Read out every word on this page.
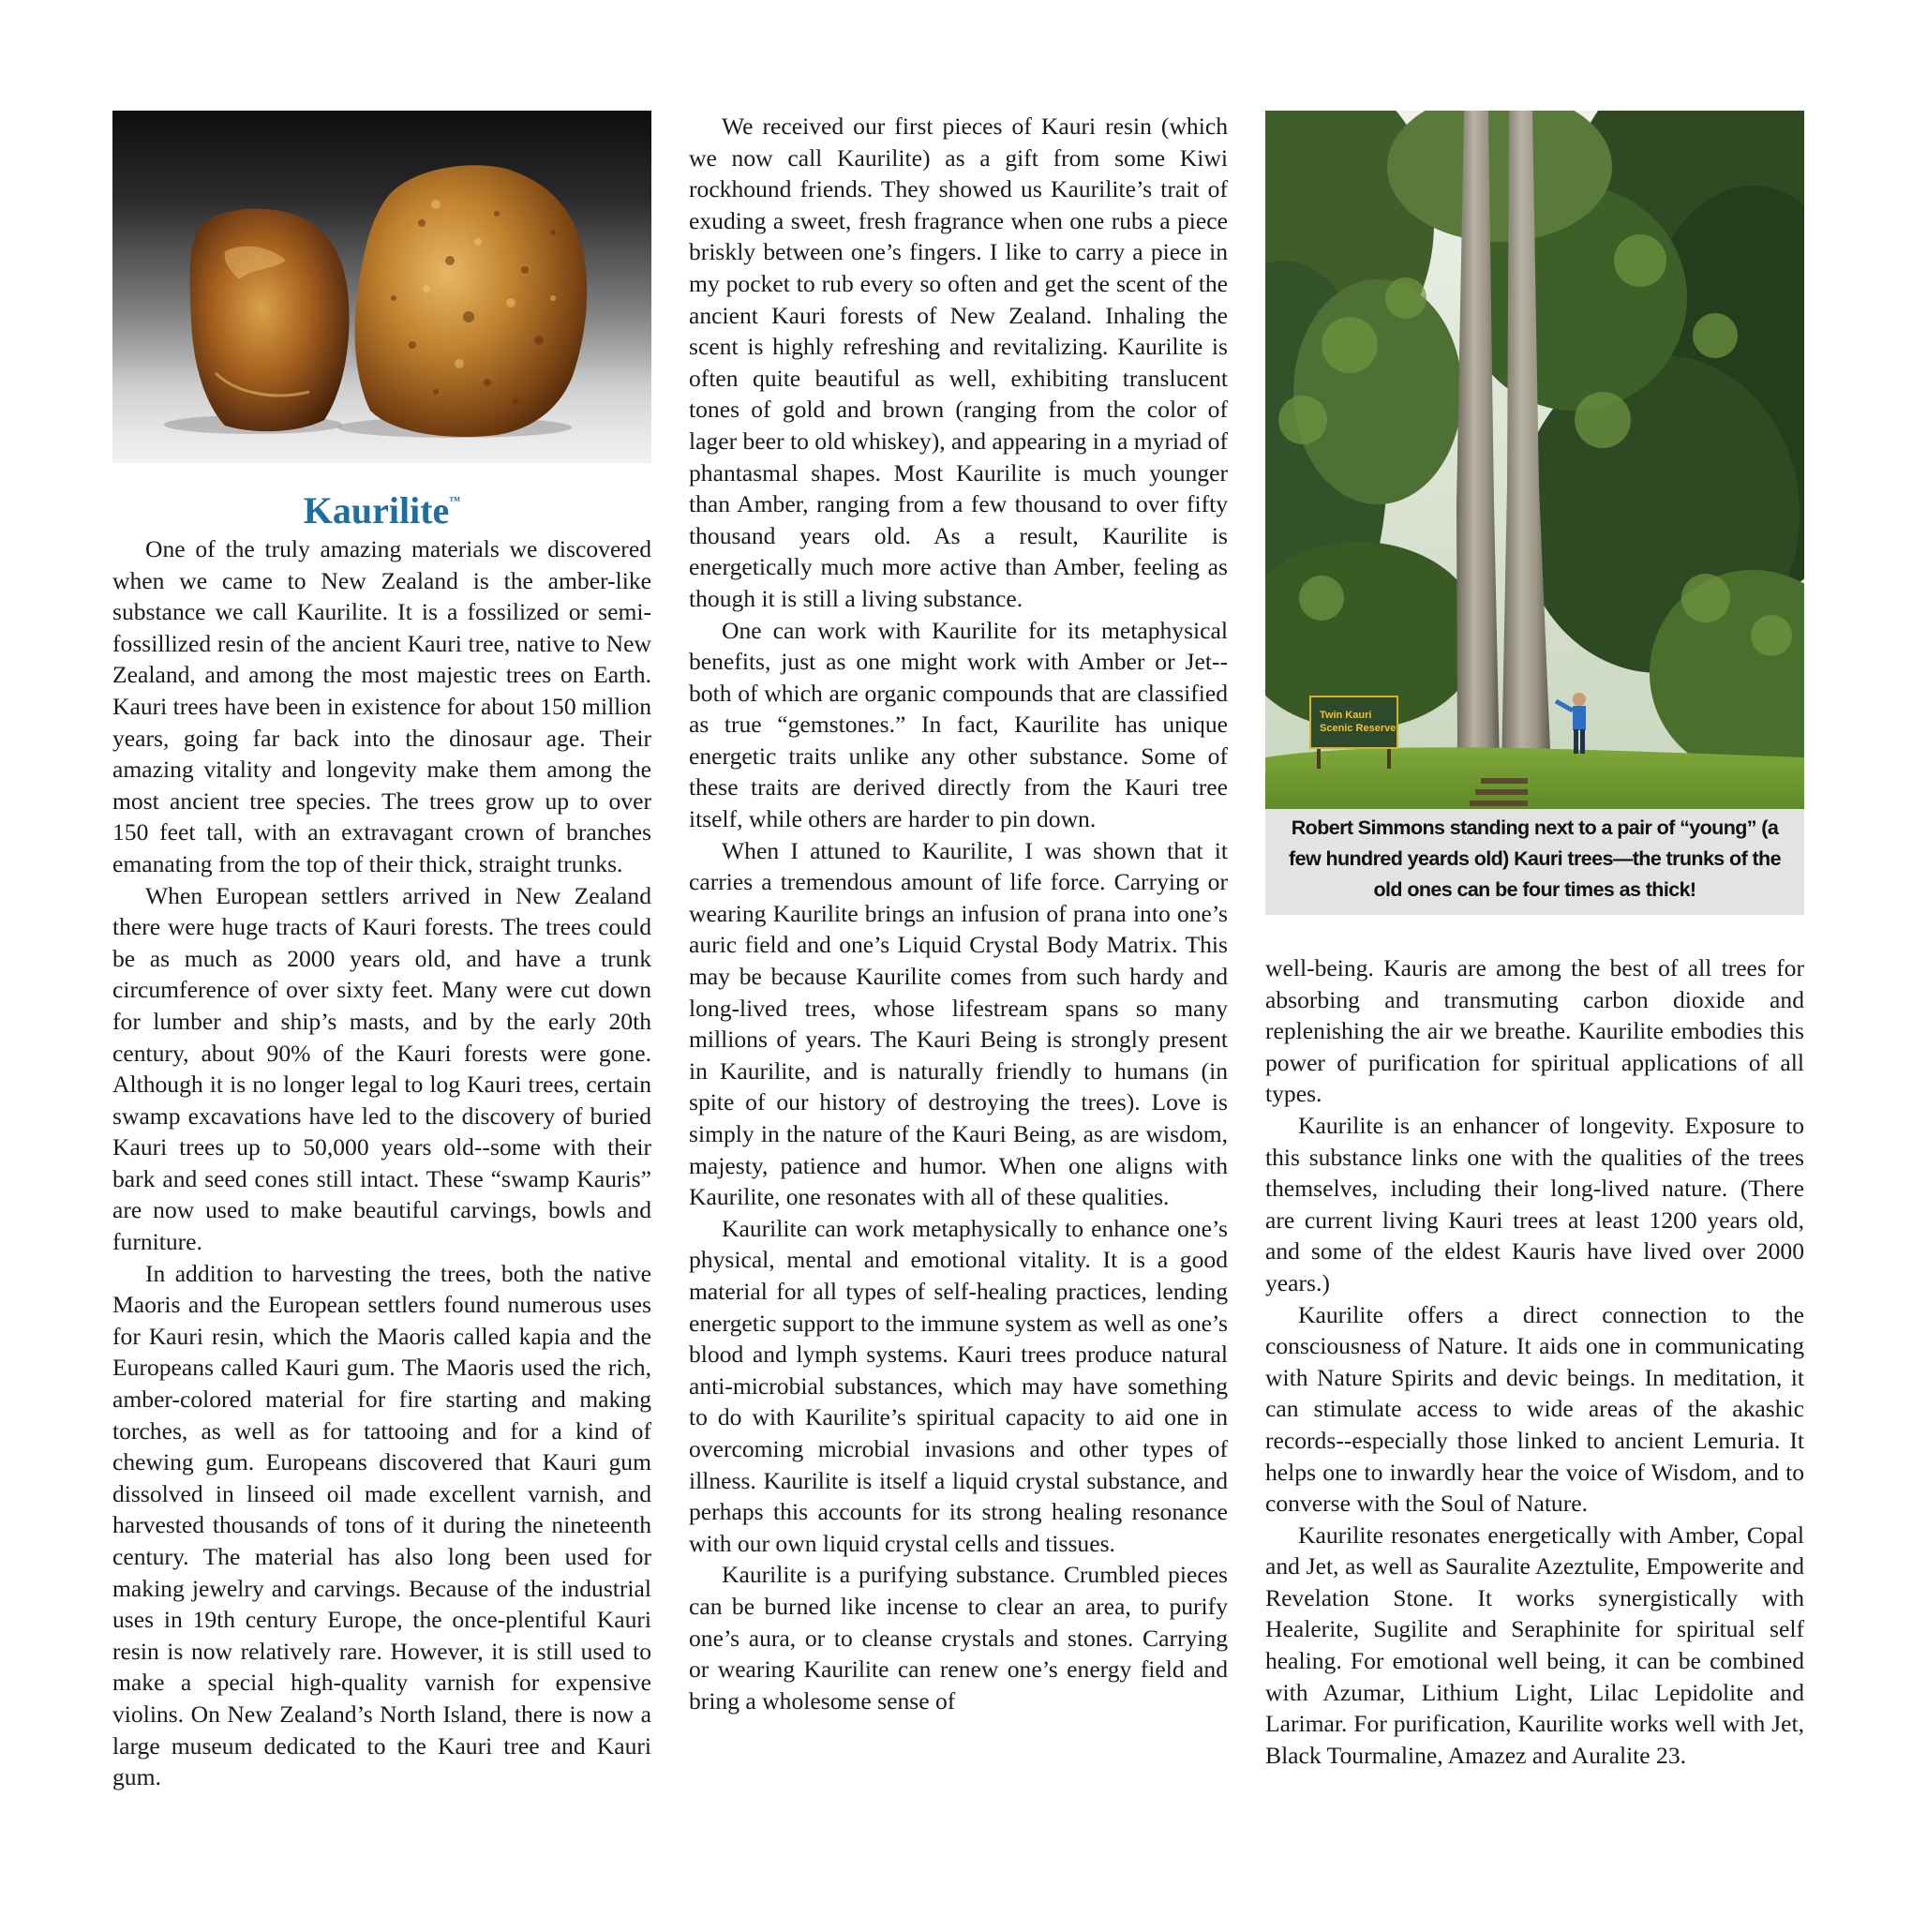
Kaurilite™

One of the truly amazing materials we discovered when we came to New Zealand is the amber-like substance we call Kaurilite. It is a fossilized or semi-fossillized resin of the ancient Kauri tree, native to New Zealand, and among the most majestic trees on Earth. Kauri trees have been in existence for about 150 million years, going far back into the dinosaur age. Their amazing vitality and longevity make them among the most ancient tree species. The trees grow up to over 150 feet tall, with an extravagant crown of branches emanating from the top of their thick, straight trunks.

When European settlers arrived in New Zealand there were huge tracts of Kauri forests. The trees could be as much as 2000 years old, and have a trunk circumference of over sixty feet. Many were cut down for lumber and ship’s masts, and by the early 20th century, about 90% of the Kauri forests were gone. Although it is no longer legal to log Kauri trees, certain swamp excavations have led to the discovery of buried Kauri trees up to 50,000 years old--some with their bark and seed cones still intact. These “swamp Kauris” are now used to make beautiful carvings, bowls and furniture.

In addition to harvesting the trees, both the native Maoris and the European settlers found numerous uses for Kauri resin, which the Maoris called kapia and the Europeans called Kauri gum. The Maoris used the rich, amber-colored material for fire starting and making torches, as well as for tattooing and for a kind of chewing gum. Europeans discovered that Kauri gum dissolved in linseed oil made excellent varnish, and harvested thousands of tons of it during the nineteenth century. The material has also long been used for making jewelry and carvings. Because of the industrial uses in 19th century Europe, the once-plentiful Kauri resin is now relatively rare. However, it is still used to make a special high-quality varnish for expensive violins. On New Zealand’s North Island, there is now a large museum dedicated to the Kauri tree and Kauri gum.

We received our first pieces of Kauri resin (which we now call Kaurilite) as a gift from some Kiwi rockhound friends. They showed us Kaurilite’s trait of exuding a sweet, fresh fragrance when one rubs a piece briskly between one’s fingers. I like to carry a piece in my pocket to rub every so often and get the scent of the ancient Kauri forests of New Zealand. Inhaling the scent is highly refreshing and revitalizing. Kaurilite is often quite beautiful as well, exhibiting translucent tones of gold and brown (ranging from the color of lager beer to old whiskey), and appearing in a myriad of phantasmal shapes. Most Kaurilite is much younger than Amber, ranging from a few thousand to over fifty thousand years old. As a result, Kaurilite is energetically much more active than Amber, feeling as though it is still a living substance.

One can work with Kaurilite for its metaphysical benefits, just as one might work with Amber or Jet--both of which are organic compounds that are classified as true “gemstones.” In fact, Kaurilite has unique energetic traits unlike any other substance. Some of these traits are derived directly from the Kauri tree itself, while others are harder to pin down.

When I attuned to Kaurilite, I was shown that it carries a tremendous amount of life force. Carrying or wearing Kaurilite brings an infusion of prana into one’s auric field and one’s Liquid Crystal Body Matrix. This may be because Kaurilite comes from such hardy and long-lived trees, whose lifestream spans so many millions of years. The Kauri Being is strongly present in Kaurilite, and is naturally friendly to humans (in spite of our history of destroying the trees). Love is simply in the nature of the Kauri Being, as are wisdom, majesty, patience and humor. When one aligns with Kaurilite, one resonates with all of these qualities.

Kaurilite can work metaphysically to enhance one’s physical, mental and emotional vitality. It is a good material for all types of self-healing practices, lending energetic support to the immune system as well as one’s blood and lymph systems. Kauri trees produce natural anti-microbial substances, which may have something to do with Kaurilite’s spiritual capacity to aid one in overcoming microbial invasions and other types of illness. Kaurilite is itself a liquid crystal substance, and perhaps this accounts for its strong healing resonance with our own liquid crystal cells and tissues.

Kaurilite is a purifying substance. Crumbled pieces can be burned like incense to clear an area, to purify one’s aura, or to cleanse crystals and stones. Carrying or wearing Kaurilite can renew one’s energy field and bring a wholesome sense of

Twin Kauri
Scenic Reserve
Robert Simmons standing next to a pair of “young” (a few hundred yeards old) Kauri trees—the trunks of the old ones can be four times as thick!

well-being. Kauris are among the best of all trees for absorbing and transmuting carbon dioxide and replenishing the air we breathe. Kaurilite embodies this power of purification for spiritual applications of all types.

Kaurilite is an enhancer of longevity. Exposure to this substance links one with the qualities of the trees themselves, including their long-lived nature. (There are current living Kauri trees at least 1200 years old, and some of the eldest Kauris have lived over 2000 years.)

Kaurilite offers a direct connection to the consciousness of Nature. It aids one in communicating with Nature Spirits and devic beings. In meditation, it can stimulate access to wide areas of the akashic records--especially those linked to ancient Lemuria. It helps one to inwardly hear the voice of Wisdom, and to converse with the Soul of Nature.

Kaurilite resonates energetically with Amber, Copal and Jet, as well as Sauralite Azeztulite, Empowerite and Revelation Stone. It works synergistically with Healerite, Sugilite and Seraphinite for spiritual self healing. For emotional well being, it can be combined with Azumar, Lithium Light, Lilac Lepidolite and Larimar. For purification, Kaurilite works well with Jet, Black Tourmaline, Amazez and Auralite 23.
